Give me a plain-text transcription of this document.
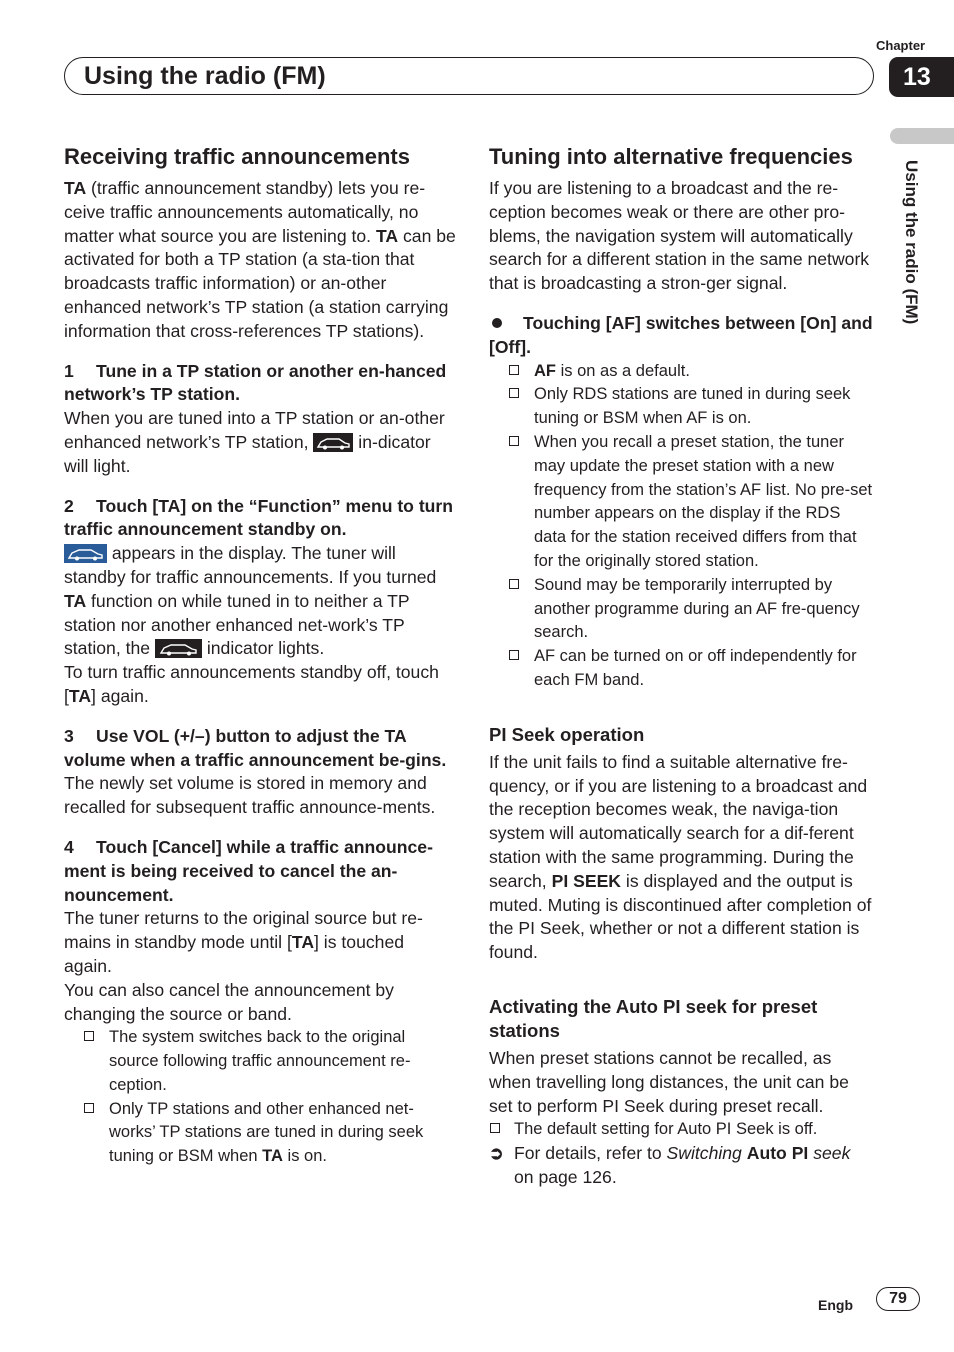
Chapter
13
Using the radio (FM)
Using the radio (FM)
Receiving traffic announcements

TA (traffic announcement standby) lets you re-ceive traffic announcements automatically, no matter what source you are listening to. TA can be activated for both a TP station (a sta-tion that broadcasts traffic information) or an-other enhanced network’s TP station (a station carrying information that cross-references TP stations).

1 Tune in a TP station or another en-hanced network’s TP station.

When you are tuned into a TP station or an-other enhanced network’s TP station,  in-dicator will light.

2 Touch [TA] on the “Function” menu to turn traffic announcement standby on.

appears in the display. The tuner will standby for traffic announcements. If you turned TA function on while tuned in to neither a TP station nor another enhanced net-work’s TP station, the	indicator lights.

To turn traffic announcements standby off, touch [TA] again.

3 Use VOL (+/–) button to adjust the TA volume when a traffic announcement be-gins.

The newly set volume is stored in memory and recalled for subsequent traffic announce-ments.

4 Touch [Cancel] while a traffic announce-ment is being received to cancel the an-nouncement.

The tuner returns to the original source but re-mains in standby mode until [TA] is touched again.

You can also cancel the announcement by changing the source or band.

The system switches back to the original source following traffic announcement re-ception.
Only TP stations and other enhanced net-works’ TP stations are tuned in during seek tuning or BSM when TA is on.
Tuning into alternative frequencies

If you are listening to a broadcast and the re-ception becomes weak or there are other pro-blems, the navigation system will automatically search for a different station in the same network that is broadcasting a stron-ger signal.

Touching [AF] switches between [On] and [Off].
AF is on as a default.
Only RDS stations are tuned in during seek tuning or BSM when AF is on.
When you recall a preset station, the tuner may update the preset station with a new frequency from the station’s AF list. No pre-set number appears on the display if the RDS data for the station received differs from that for the originally stored station.
Sound may be temporarily interrupted by another programme during an AF fre-quency search.
AF can be turned on or off independently for each FM band.
PI Seek operation

If the unit fails to find a suitable alternative fre-quency, or if you are listening to a broadcast and the reception becomes weak, the naviga-tion system will automatically search for a dif-ferent station with the same programming. During the search, PI SEEK is displayed and the output is muted. Muting is discontinued after completion of the PI Seek, whether or not a different station is found.

Activating the Auto PI seek for preset stations

When preset stations cannot be recalled, as when travelling long distances, the unit can be set to perform PI Seek during preset recall.

The default setting for Auto PI Seek is off.
➲ For details, refer to Switching Auto PI seek
on page 126.
Engb	79
